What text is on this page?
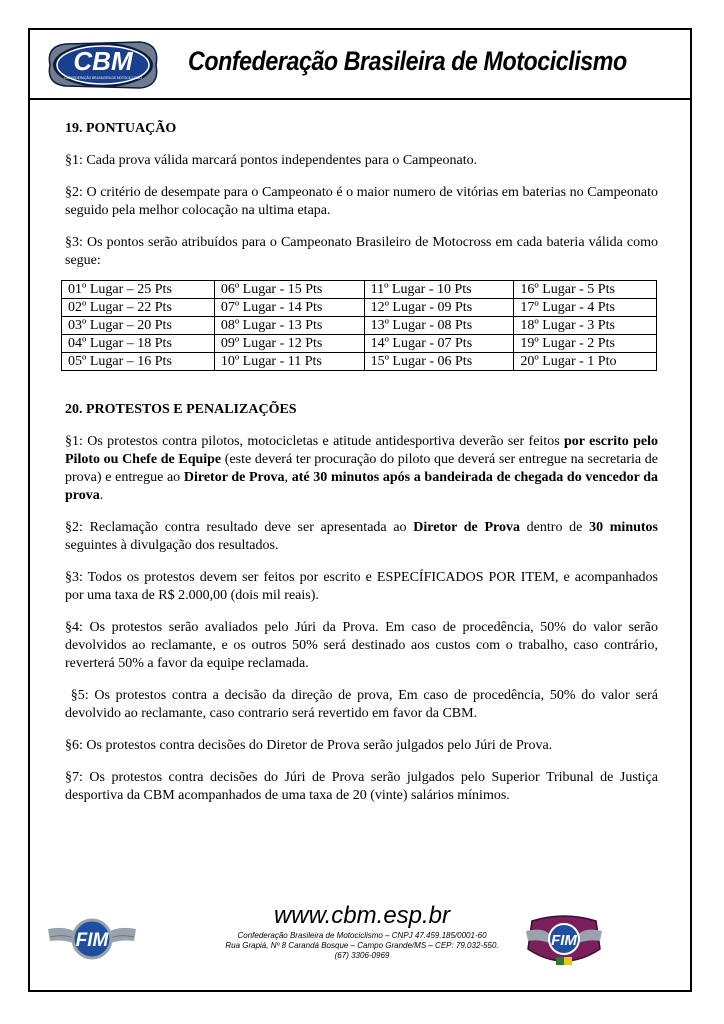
CBM
CONFEDERAÇÃO BRASILEIRA DE MOTOCICLISMO
Confederação Brasileira de Motociclismo

19. PONTUAÇÃO

§1: Cada prova válida marcará pontos independentes para o Campeonato.

§2: O critério de desempate para o Campeonato é o maior numero de vitórias em baterias no Campeonato seguido pela melhor colocação na ultima etapa.

§3: Os pontos serão atribuídos para o Campeonato Brasileiro de Motocross em cada bateria válida como segue:

01º Lugar – 25 Pts	06º Lugar - 15 Pts	11º Lugar - 10 Pts	16º Lugar - 5 Pts
02º Lugar – 22 Pts	07º Lugar - 14 Pts	12º Lugar - 09 Pts	17º Lugar - 4 Pts
03º Lugar – 20 Pts	08º Lugar - 13 Pts	13º Lugar - 08 Pts	18º Lugar - 3 Pts
04º Lugar – 18 Pts	09º Lugar - 12 Pts	14º Lugar - 07 Pts	19º Lugar - 2 Pts
05º Lugar – 16 Pts	10º Lugar - 11 Pts	15º Lugar - 06 Pts	20º Lugar - 1 Pto

20. PROTESTOS E PENALIZAÇÕES

§1: Os protestos contra pilotos, motocicletas e atitude antidesportiva deverão ser feitos por escrito pelo Piloto ou Chefe de Equipe (este deverá ter procuração do piloto que deverá ser entregue na secretaria de prova) e entregue ao Diretor de Prova, até 30 minutos após a bandeirada de chegada do vencedor da prova.

§2: Reclamação contra resultado deve ser apresentada ao Diretor de Prova dentro de 30 minutos seguintes à divulgação dos resultados.

§3: Todos os protestos devem ser feitos por escrito e ESPECÍFICADOS POR ITEM, e acompanhados por uma taxa de R$ 2.000,00 (dois mil reais).

§4: Os protestos serão avaliados pelo Júri da Prova. Em caso de procedência, 50% do valor serão devolvidos ao reclamante, e os outros 50% será destinado aos custos com o trabalho, caso contrário, reverterá 50% a favor da equipe reclamada.

§5: Os protestos contra a decisão da direção de prova, Em caso de procedência, 50% do valor será devolvido ao reclamante, caso contrario será revertido em favor da CBM.

§6: Os protestos contra decisões do Diretor de Prova serão julgados pelo Júri de Prova.

§7: Os protestos contra decisões do Júri de Prova serão julgados pelo Superior Tribunal de Justiça desportiva da CBM acompanhados de uma taxa de 20 (vinte) salários mínimos.

FIM	FIM
www.cbm.esp.br
Confederação Brasileira de Motociclismo – CNPJ 47.459.185/0001-60
Rua Grapiá, Nº 8 Carandá Bosque – Campo Grande/MS – CEP: 79.032-550.
(67) 3306-0969
